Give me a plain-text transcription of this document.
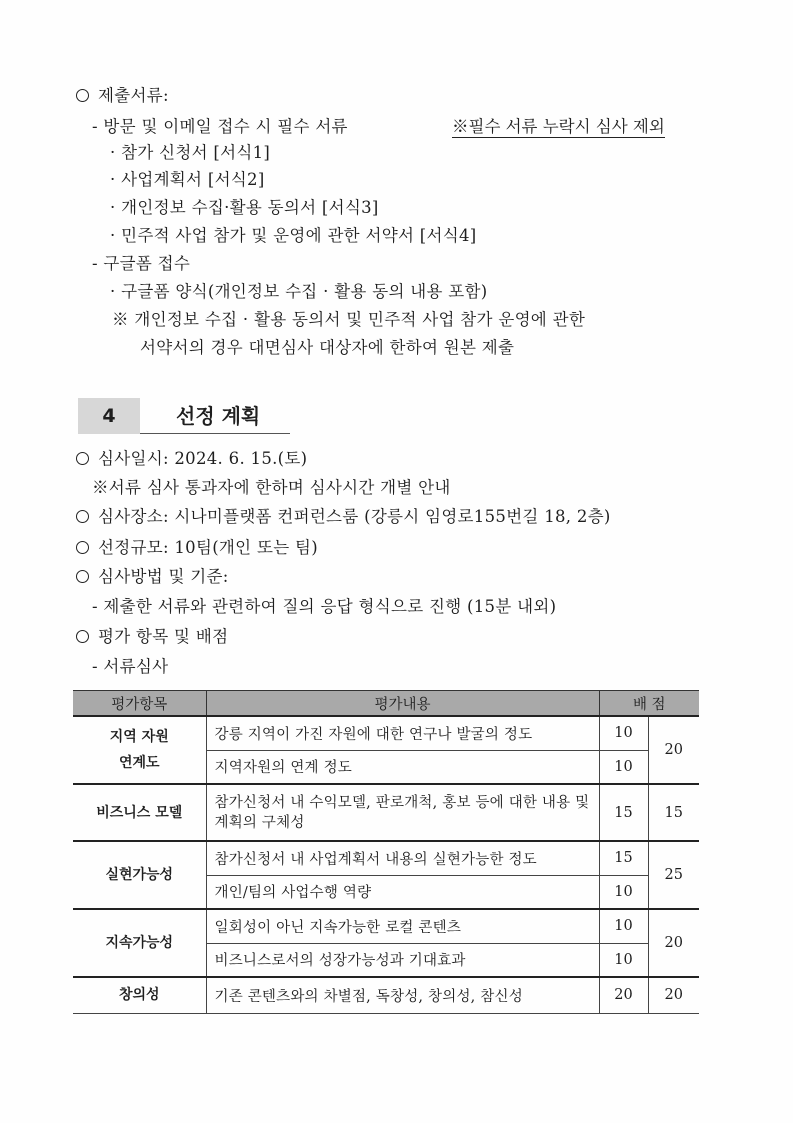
제출서류:
- 방문 및 이메일 접수 시 필수 서류	※필수 서류 누락시 심사 제외
· 참가 신청서 [서식1]
· 사업계획서 [서식2]
· 개인정보 수집·활용 동의서 [서식3]
· 민주적 사업 참가 및 운영에 관한 서약서 [서식4]
- 구글폼 접수
· 구글폼 양식(개인정보 수집 · 활용 동의 내용 포함)
※ 개인정보 수집 · 활용 동의서 및 민주적 사업 참가 운영에 관한
서약서의 경우 대면심사 대상자에 한하여 원본 제출
4	선정 계획
심사일시: 2024. 6. 15.(토)
※서류 심사 통과자에 한하며 심사시간 개별 안내
심사장소: 시나미플랫폼 컨퍼런스룸 (강릉시 임영로155번길 18, 2층)
선정규모: 10팀(개인 또는 팀)
심사방법 및 기준:
- 제출한 서류와 관련하여 질의 응답 형식으로 진행 (15분 내외)
평가 항목 및 배점
- 서류심사
평가항목	평가내용	배 점	

지역 자원
연계도	강릉 지역이 가진 자원에 대한 연구나 발굴의 정도	10	20
	지역자원의 연계 정도	10	
비즈니스 모델	참가신청서 내 수익모델, 판로개척, 홍보 등에 대한 내용 및 계획의 구체성	15	15
실현가능성	참가신청서 내 사업계획서 내용의 실현가능한 정도	15	25
	개인/팀의 사업수행 역량	10	
지속가능성	일회성이 아닌 지속가능한 로컬 콘텐츠	10	20
	비즈니스로서의 성장가능성과 기대효과	10	
창의성	기존 콘텐츠와의 차별점, 독창성, 창의성, 참신성	20	20
